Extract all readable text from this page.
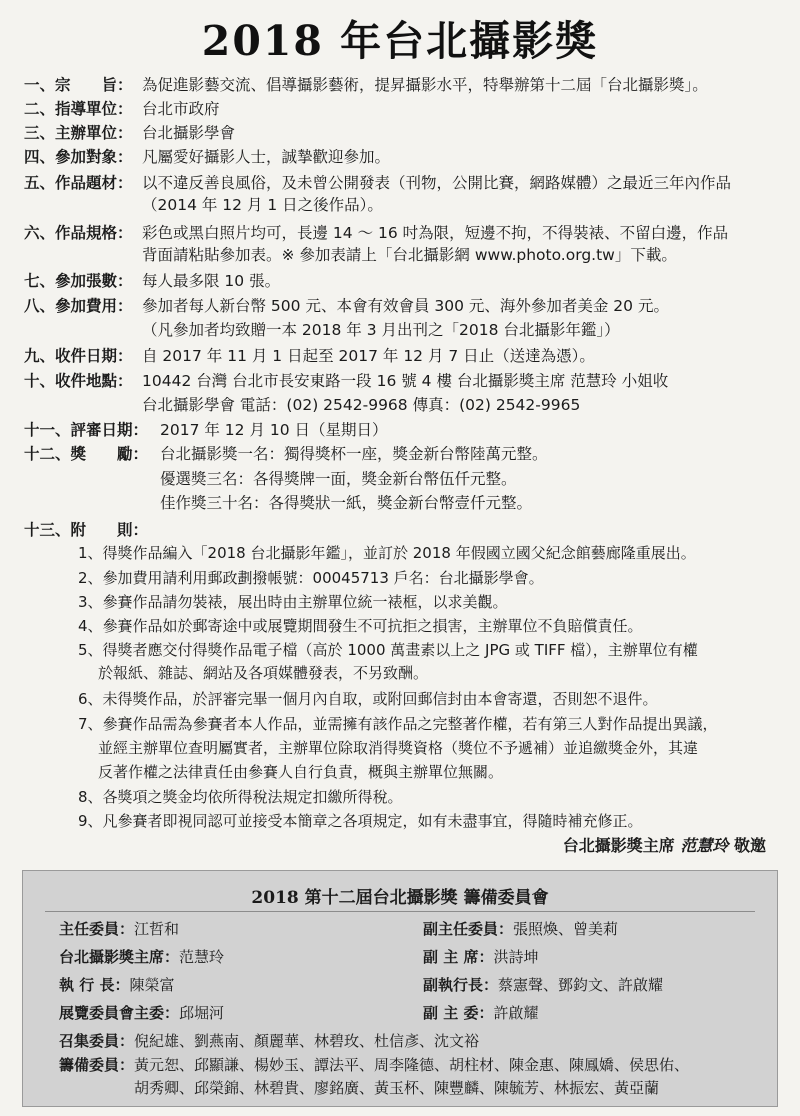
2018 年台北攝影獎
一、宗　　旨： 為促進影藝交流、倡導攝影藝術，提昇攝影水平，特舉辦第十二屆「台北攝影獎」。
二、指導單位： 台北市政府
三、主辦單位： 台北攝影學會
四、參加對象： 凡屬愛好攝影人士，誠摯歡迎參加。
五、作品題材： 以不違反善良風俗，及未曾公開發表（刊物，公開比賽，網路媒體）之最近三年內作品
（2014 年 12 月 1 日之後作品）。
六、作品規格： 彩色或黑白照片均可，長邊 14 ～ 16 吋為限，短邊不拘，不得裝裱、不留白邊，作品
背面請粘貼參加表。※ 參加表請上「台北攝影網 www.photo.org.tw」下載。
七、參加張數： 每人最多限 10 張。
八、參加費用： 參加者每人新台幣 500 元、本會有效會員 300 元、海外參加者美金 20 元。
（凡參加者均致贈一本 2018 年 3 月出刊之「2018 台北攝影年鑑」）
九、收件日期： 自 2017 年 11 月 1 日起至 2017 年 12 月 7 日止（送達為憑）。
十、收件地點： 10442 台灣 台北市長安東路一段 16 號 4 樓 台北攝影獎主席 范慧玲 小姐收
台北攝影學會 電話：(02) 2542-9968 傳真：(02) 2542-9965
十一、評審日期： 2017 年 12 月 10 日（星期日）
十二、獎　　勵： 台北攝影獎一名：獨得獎杯一座，獎金新台幣陸萬元整。
優選獎三名：各得獎牌一面，獎金新台幣伍仟元整。
佳作獎三十名：各得獎狀一紙，獎金新台幣壹仟元整。
十三、附　　則：
1、得獎作品編入「2018 台北攝影年鑑」，並訂於 2018 年假國立國父紀念館藝廊隆重展出。
2、參加費用請利用郵政劃撥帳號：00045713 戶名：台北攝影學會。
3、參賽作品請勿裝裱，展出時由主辦單位統一裱框，以求美觀。
4、參賽作品如於郵寄途中或展覽期間發生不可抗拒之損害，主辦單位不負賠償責任。
5、得獎者應交付得獎作品電子檔（高於 1000 萬畫素以上之 JPG 或 TIFF 檔），主辦單位有權
於報紙、雜誌、網站及各項媒體發表，不另致酬。
6、未得獎作品，於評審完畢一個月內自取，或附回郵信封由本會寄還，否則恕不退件。
7、參賽作品需為參賽者本人作品，並需擁有該作品之完整著作權，若有第三人對作品提出異議，
並經主辦單位查明屬實者，主辦單位除取消得獎資格（獎位不予遞補）並追繳獎金外，其違
反著作權之法律責任由參賽人自行負責，概與主辦單位無關。
8、各獎項之獎金均依所得稅法規定扣繳所得稅。
9、凡參賽者即視同認可並接受本簡章之各項規定，如有未盡事宜，得隨時補充修正。
台北攝影獎主席 范慧玲 敬邀
2018 第十二屆台北攝影獎 籌備委員會
主任委員：江哲和
台北攝影獎主席：范慧玲
執 行 長：陳榮富
展覽委員會主委：邱堀河
副主任委員：張照煥、曾美莉
副 主 席：洪詩坤
副執行長：蔡憲聲、鄧鈞文、許啟耀
副 主 委：許啟耀
召集委員：倪紀雄、劉燕南、顏麗華、林碧玫、杜信彥、沈文裕
籌備委員：黃元恕、邱顯謙、楊妙玉、譚法平、周李隆德、胡柱材、陳金惠、陳鳳嬌、侯思佑、
胡秀卿、邱榮錦、林碧貴、廖銘廣、黃玉杯、陳豐麟、陳毓芳、林振宏、黃亞蘭
